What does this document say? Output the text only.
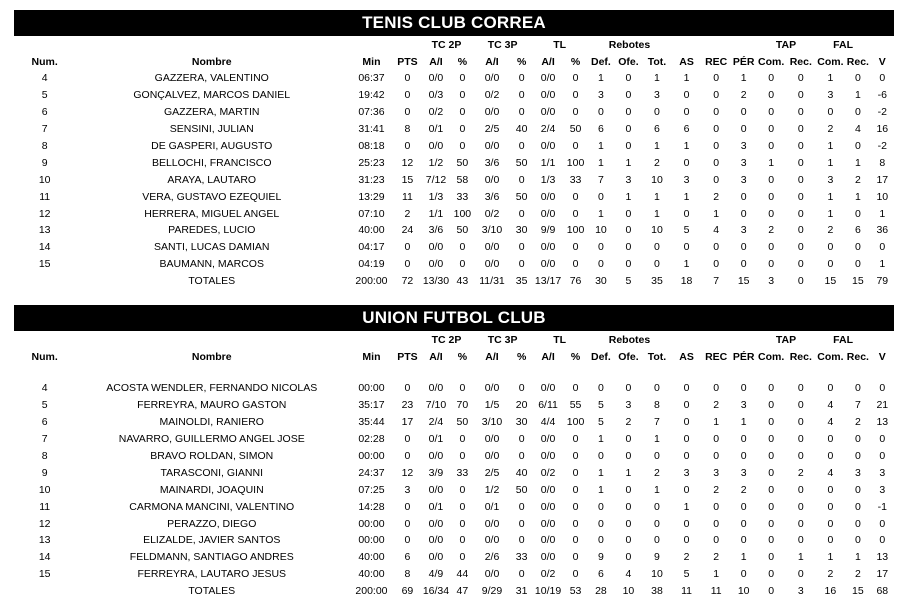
TENIS CLUB CORREA
				TC 2P		TC 3P		TL		Rebotes						TAP		FAL		
Num.	Nombre	Min	PTS	A/I	%	A/I	%	A/I	%	Def.	Ofe.	Tot.	AS	REC	PÉR	Com.	Rec.	Com.	Rec.	V
4	GAZZERA, VALENTINO	06:37	0	0/0	0	0/0	0	0/0	0	1	0	1	1	0	1	0	0	1	0	0
5	GONÇALVEZ, MARCOS DANIEL	19:42	0	0/3	0	0/2	0	0/0	0	3	0	3	0	0	2	0	0	3	1	-6
6	GAZZERA, MARTIN	07:36	0	0/2	0	0/0	0	0/0	0	0	0	0	0	0	0	0	0	0	0	-2
7	SENSINI, JULIAN	31:41	8	0/1	0	2/5	40	2/4	50	6	0	6	6	0	0	0	0	2	4	16
8	DE GASPERI, AUGUSTO	08:18	0	0/0	0	0/0	0	0/0	0	1	0	1	1	0	3	0	0	1	0	-2
9	BELLOCHI, FRANCISCO	25:23	12	1/2	50	3/6	50	1/1	100	1	1	2	0	0	3	1	0	1	1	8
10	ARAYA, LAUTARO	31:23	15	7/12	58	0/0	0	1/3	33	7	3	10	3	0	3	0	0	3	2	17
11	VERA, GUSTAVO EZEQUIEL	13:29	11	1/3	33	3/6	50	0/0	0	0	1	1	1	2	0	0	0	1	1	10
12	HERRERA, MIGUEL ANGEL	07:10	2	1/1	100	0/2	0	0/0	0	1	0	1	0	1	0	0	0	1	0	1
13	PAREDES, LUCIO	40:00	24	3/6	50	3/10	30	9/9	100	10	0	10	5	4	3	2	0	2	6	36
14	SANTI, LUCAS DAMIAN	04:17	0	0/0	0	0/0	0	0/0	0	0	0	0	0	0	0	0	0	0	0	0
15	BAUMANN, MARCOS	04:19	0	0/0	0	0/0	0	0/0	0	0	0	0	1	0	0	0	0	0	0	1
	TOTALES	200:00	72	13/30	43	11/31	35	13/17	76	30	5	35	18	7	15	3	0	15	15	79
UNION FUTBOL CLUB
				TC 2P		TC 3P		TL		Rebotes						TAP		FAL		
Num.	Nombre	Min	PTS	A/I	%	A/I	%	A/I	%	Def.	Ofe.	Tot.	AS	REC	PÉR	Com.	Rec.	Com.	Rec.	V

4	ACOSTA WENDLER, FERNANDO NICOLAS	00:00	0	0/0	0	0/0	0	0/0	0	0	0	0	0	0	0	0	0	0	0	0
5	FERREYRA, MAURO GASTON	35:17	23	7/10	70	1/5	20	6/11	55	5	3	8	0	2	3	0	0	4	7	21
6	MAINOLDI, RANIERO	35:44	17	2/4	50	3/10	30	4/4	100	5	2	7	0	1	1	0	0	4	2	13
7	NAVARRO, GUILLERMO ANGEL JOSE	02:28	0	0/1	0	0/0	0	0/0	0	1	0	1	0	0	0	0	0	0	0	0
8	BRAVO ROLDAN, SIMON	00:00	0	0/0	0	0/0	0	0/0	0	0	0	0	0	0	0	0	0	0	0	0
9	TARASCONI, GIANNI	24:37	12	3/9	33	2/5	40	0/2	0	1	1	2	3	3	3	0	2	4	3	3
10	MAINARDI, JOAQUIN	07:25	3	0/0	0	1/2	50	0/0	0	1	0	1	0	2	2	0	0	0	0	3
11	CARMONA MANCINI, VALENTINO	14:28	0	0/1	0	0/1	0	0/0	0	0	0	0	1	0	0	0	0	0	0	-1
12	PERAZZO, DIEGO	00:00	0	0/0	0	0/0	0	0/0	0	0	0	0	0	0	0	0	0	0	0	0
13	ELIZALDE, JAVIER SANTOS	00:00	0	0/0	0	0/0	0	0/0	0	0	0	0	0	0	0	0	0	0	0	0
14	FELDMANN, SANTIAGO ANDRES	40:00	6	0/0	0	2/6	33	0/0	0	9	0	9	2	2	1	0	1	1	1	13
15	FERREYRA, LAUTARO JESUS	40:00	8	4/9	44	0/0	0	0/2	0	6	4	10	5	1	0	0	0	2	2	17
	TOTALES	200:00	69	16/34	47	9/29	31	10/19	53	28	10	38	11	11	10	0	3	16	15	68
